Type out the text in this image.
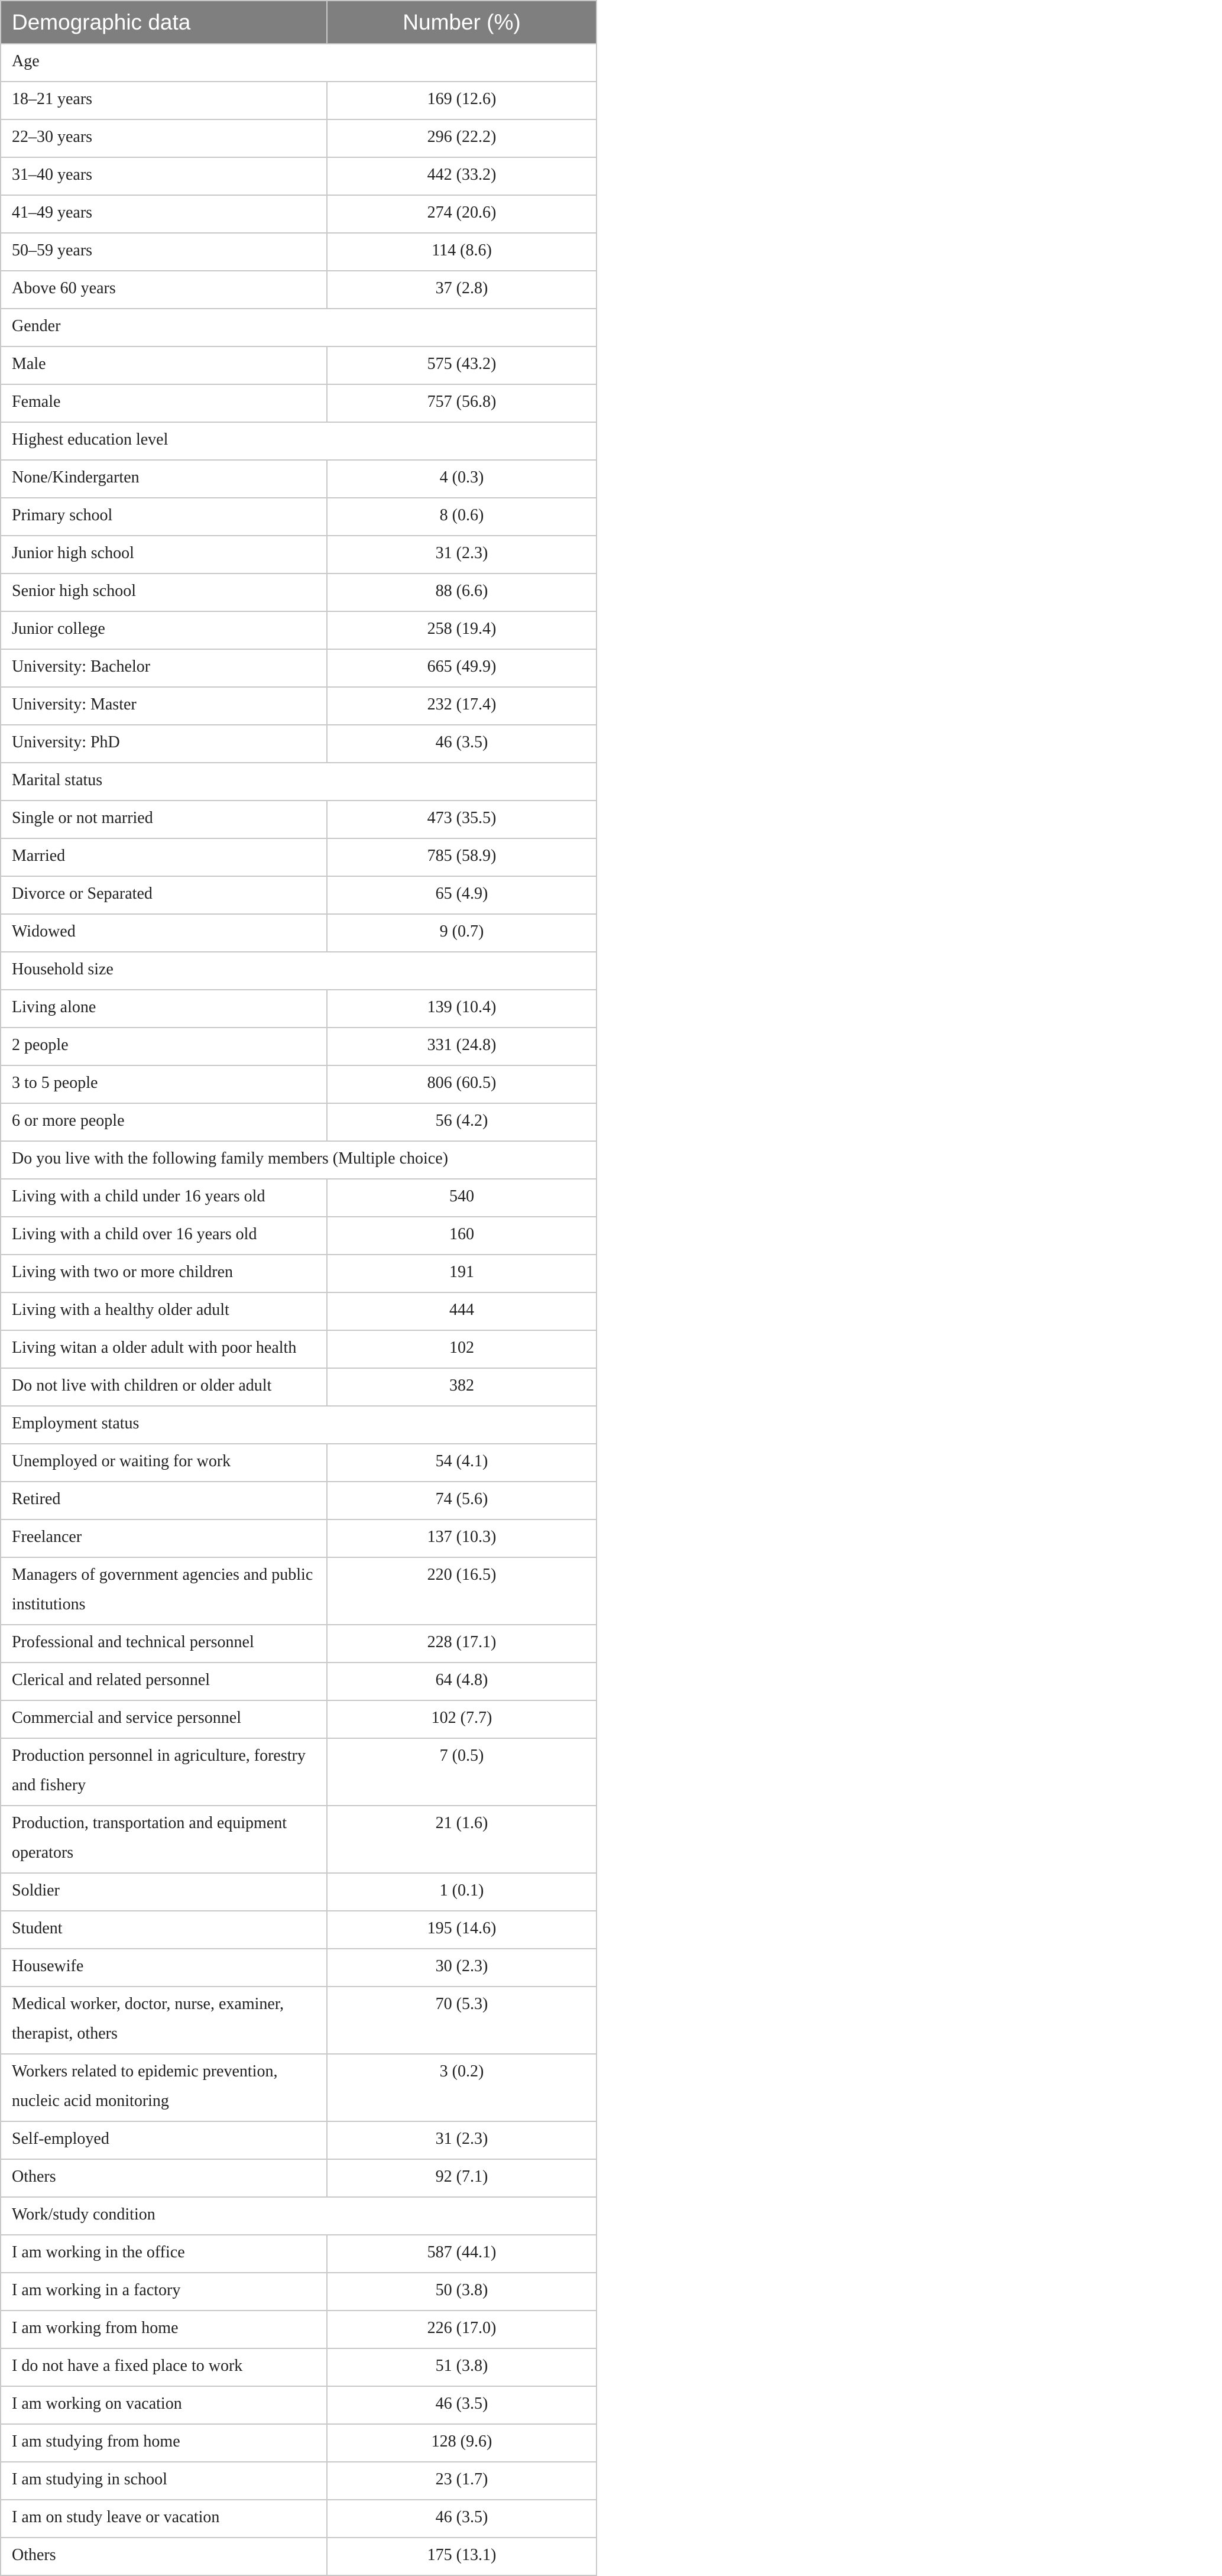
Demographic data	Number (%)
Age	
18–21 years	169 (12.6)
22–30 years	296 (22.2)
31–40 years	442 (33.2)
41–49 years	274 (20.6)
50–59 years	114 (8.6)
Above 60 years	37 (2.8)
Gender	
Male	575 (43.2)
Female	757 (56.8)
Highest education level	
None/Kindergarten	4 (0.3)
Primary school	8 (0.6)
Junior high school	31 (2.3)
Senior high school	88 (6.6)
Junior college	258 (19.4)
University: Bachelor	665 (49.9)
University: Master	232 (17.4)
University: PhD	46 (3.5)
Marital status	
Single or not married	473 (35.5)
Married	785 (58.9)
Divorce or Separated	65 (4.9)
Widowed	9 (0.7)
Household size	
Living alone	139 (10.4)
2 people	331 (24.8)
3 to 5 people	806 (60.5)
6 or more people	56 (4.2)
Do you live with the following family members (Multiple choice)	
Living with a child under 16 years old	540
Living with a child over 16 years old	160
Living with two or more children	191
Living with a healthy older adult	444
Living witan a older adult with poor health	102
Do not live with children or older adult	382
Employment status	
Unemployed or waiting for work	54 (4.1)
Retired	74 (5.6)
Freelancer	137 (10.3)
Managers of government agencies and public institutions	220 (16.5)
Professional and technical personnel	228 (17.1)
Clerical and related personnel	64 (4.8)
Commercial and service personnel	102 (7.7)
Production personnel in agriculture, forestry and fishery	7 (0.5)
Production, transportation and equipment operators	21 (1.6)
Soldier	1 (0.1)
Student	195 (14.6)
Housewife	30 (2.3)
Medical worker, doctor, nurse, examiner, therapist, others	70 (5.3)
Workers related to epidemic prevention, nucleic acid monitoring	3 (0.2)
Self-employed	31 (2.3)
Others	92 (7.1)
Work/study condition	
I am working in the office	587 (44.1)
I am working in a factory	50 (3.8)
I am working from home	226 (17.0)
I do not have a fixed place to work	51 (3.8)
I am working on vacation	46 (3.5)
I am studying from home	128 (9.6)
I am studying in school	23 (1.7)
I am on study leave or vacation	46 (3.5)
Others	175 (13.1)
